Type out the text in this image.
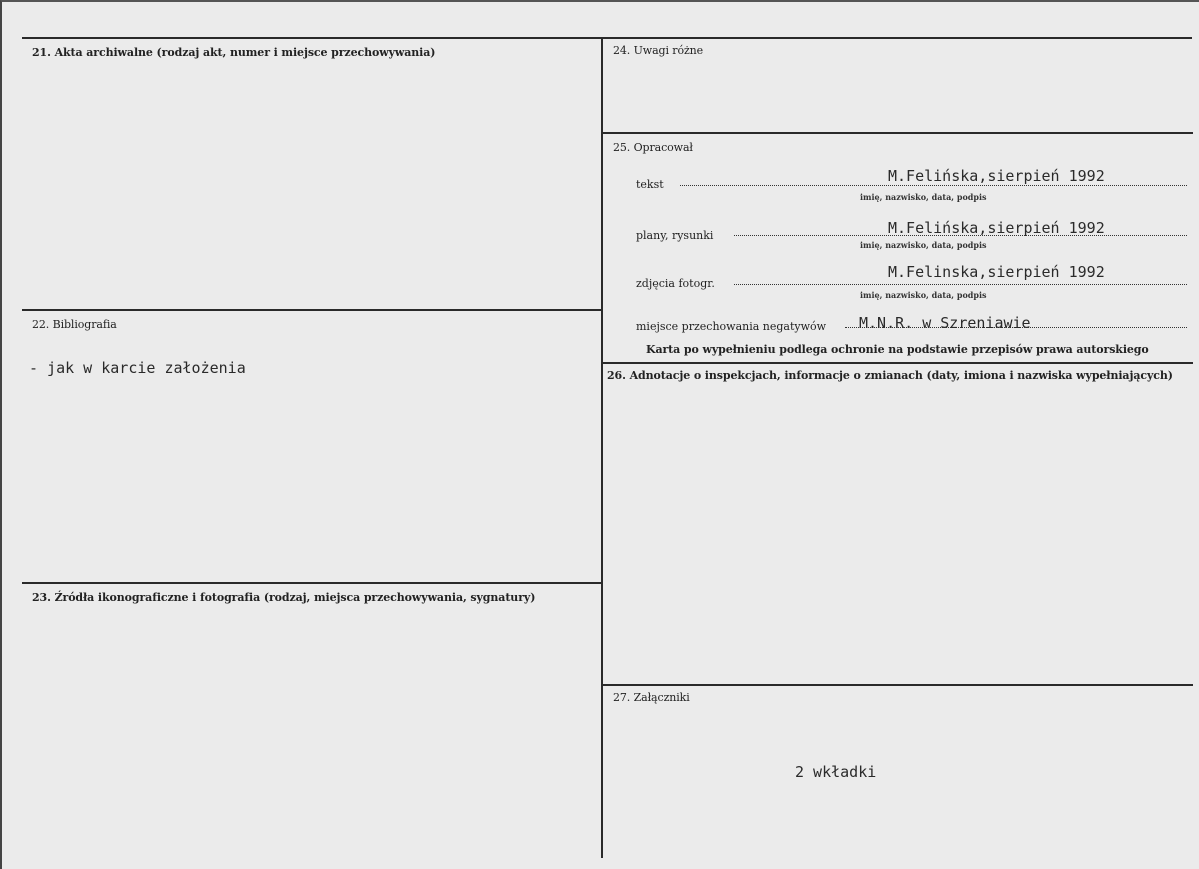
21. Akta archiwalne (rodzaj akt, numer i miejsce przechowywania)
22. Bibliografia
- jak w karcie założenia
23. Źródła ikonograficzne i fotografia (rodzaj, miejsca przechowywania, sygnatury)
24. Uwagi różne
25. Opracował
tekst	M.Felińska,sierpień 1992
imię, nazwisko, data, podpis
plany, rysunki	M.Felińska,sierpień 1992
imię, nazwisko, data, podpis
zdjęcia fotogr.
M.Felinska,sierpień 1992
imię, nazwisko, data, podpis
miejsce przechowania negatywów M.N.R. w Szreniawie
Karta po wypełnieniu podlega ochronie na podstawie przepisów prawa autorskiego
26. Adnotacje o inspekcjach, informacje o zmianach (daty, imiona i nazwiska wypełniających)
27. Załączniki
2 wkładki
